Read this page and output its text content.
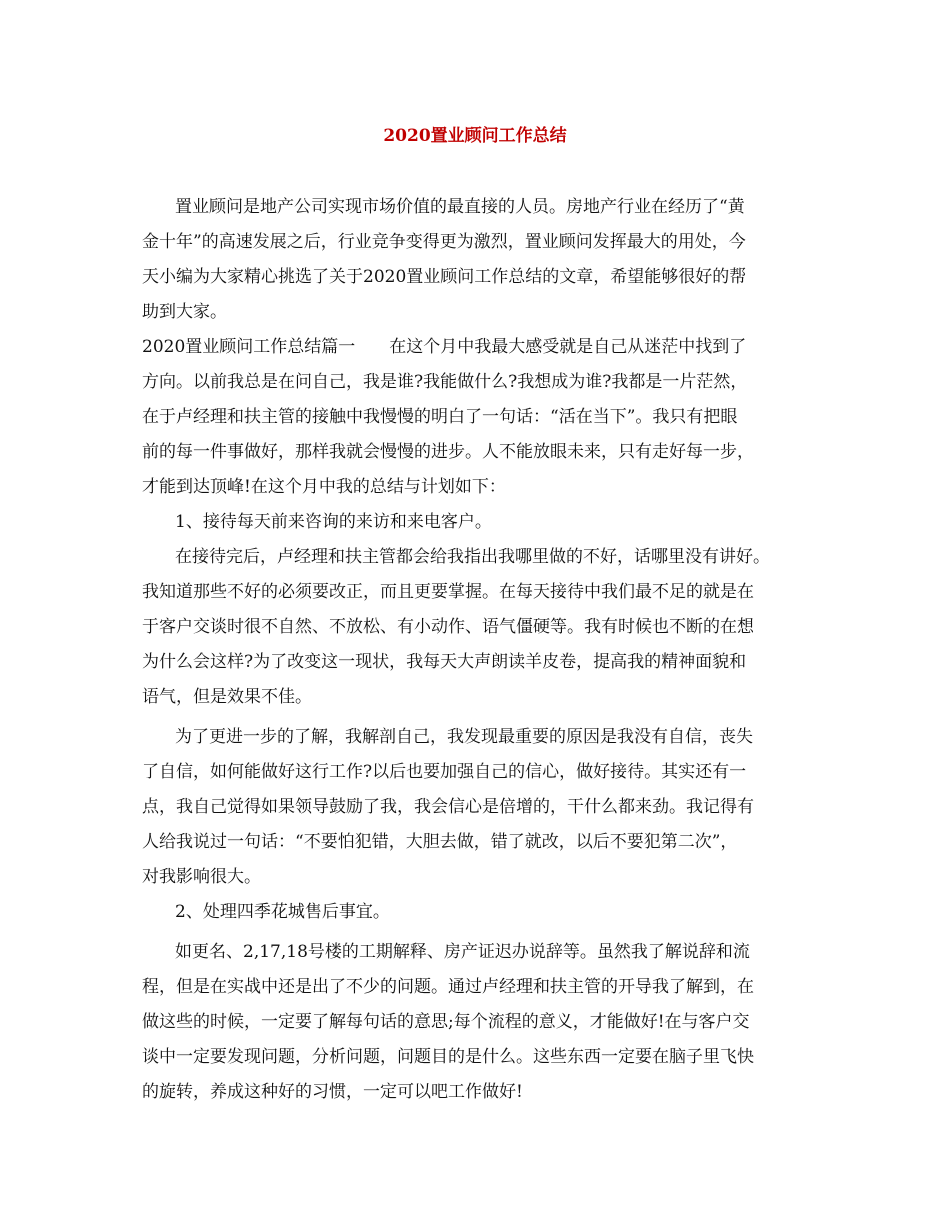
2020置业顾问工作总结
置业顾问是地产公司实现市场价值的最直接的人员。房地产行业在经历了“黄
金十年”的高速发展之后，行业竞争变得更为激烈，置业顾问发挥最大的用处，今
天小编为大家精心挑选了关于2020置业顾问工作总结的文章，希望能够很好的帮
助到大家。
2020置业顾问工作总结篇一　　在这个月中我最大感受就是自己从迷茫中找到了
方向。以前我总是在问自己，我是谁?我能做什么?我想成为谁?我都是一片茫然，
在于卢经理和扶主管的接触中我慢慢的明白了一句话：“活在当下”。我只有把眼
前的每一件事做好，那样我就会慢慢的进步。人不能放眼未来，只有走好每一步，
才能到达顶峰!在这个月中我的总结与计划如下：
1、接待每天前来咨询的来访和来电客户。
在接待完后，卢经理和扶主管都会给我指出我哪里做的不好，话哪里没有讲好。
我知道那些不好的必须要改正，而且更要掌握。在每天接待中我们最不足的就是在
于客户交谈时很不自然、不放松、有小动作、语气僵硬等。我有时候也不断的在想
为什么会这样?为了改变这一现状，我每天大声朗读羊皮卷，提高我的精神面貌和
语气，但是效果不佳。
为了更进一步的了解，我解剖自己，我发现最重要的原因是我没有自信，丧失
了自信，如何能做好这行工作?以后也要加强自己的信心，做好接待。其实还有一
点，我自己觉得如果领导鼓励了我，我会信心是倍增的，干什么都来劲。我记得有
人给我说过一句话：“不要怕犯错，大胆去做，错了就改，以后不要犯第二次”，
对我影响很大。
2、处理四季花城售后事宜。
如更名、2,17,18号楼的工期解释、房产证迟办说辞等。虽然我了解说辞和流
程，但是在实战中还是出了不少的问题。通过卢经理和扶主管的开导我了解到，在
做这些的时候，一定要了解每句话的意思;每个流程的意义，才能做好!在与客户交
谈中一定要发现问题，分析问题，问题目的是什么。这些东西一定要在脑子里飞快
的旋转，养成这种好的习惯，一定可以吧工作做好!
